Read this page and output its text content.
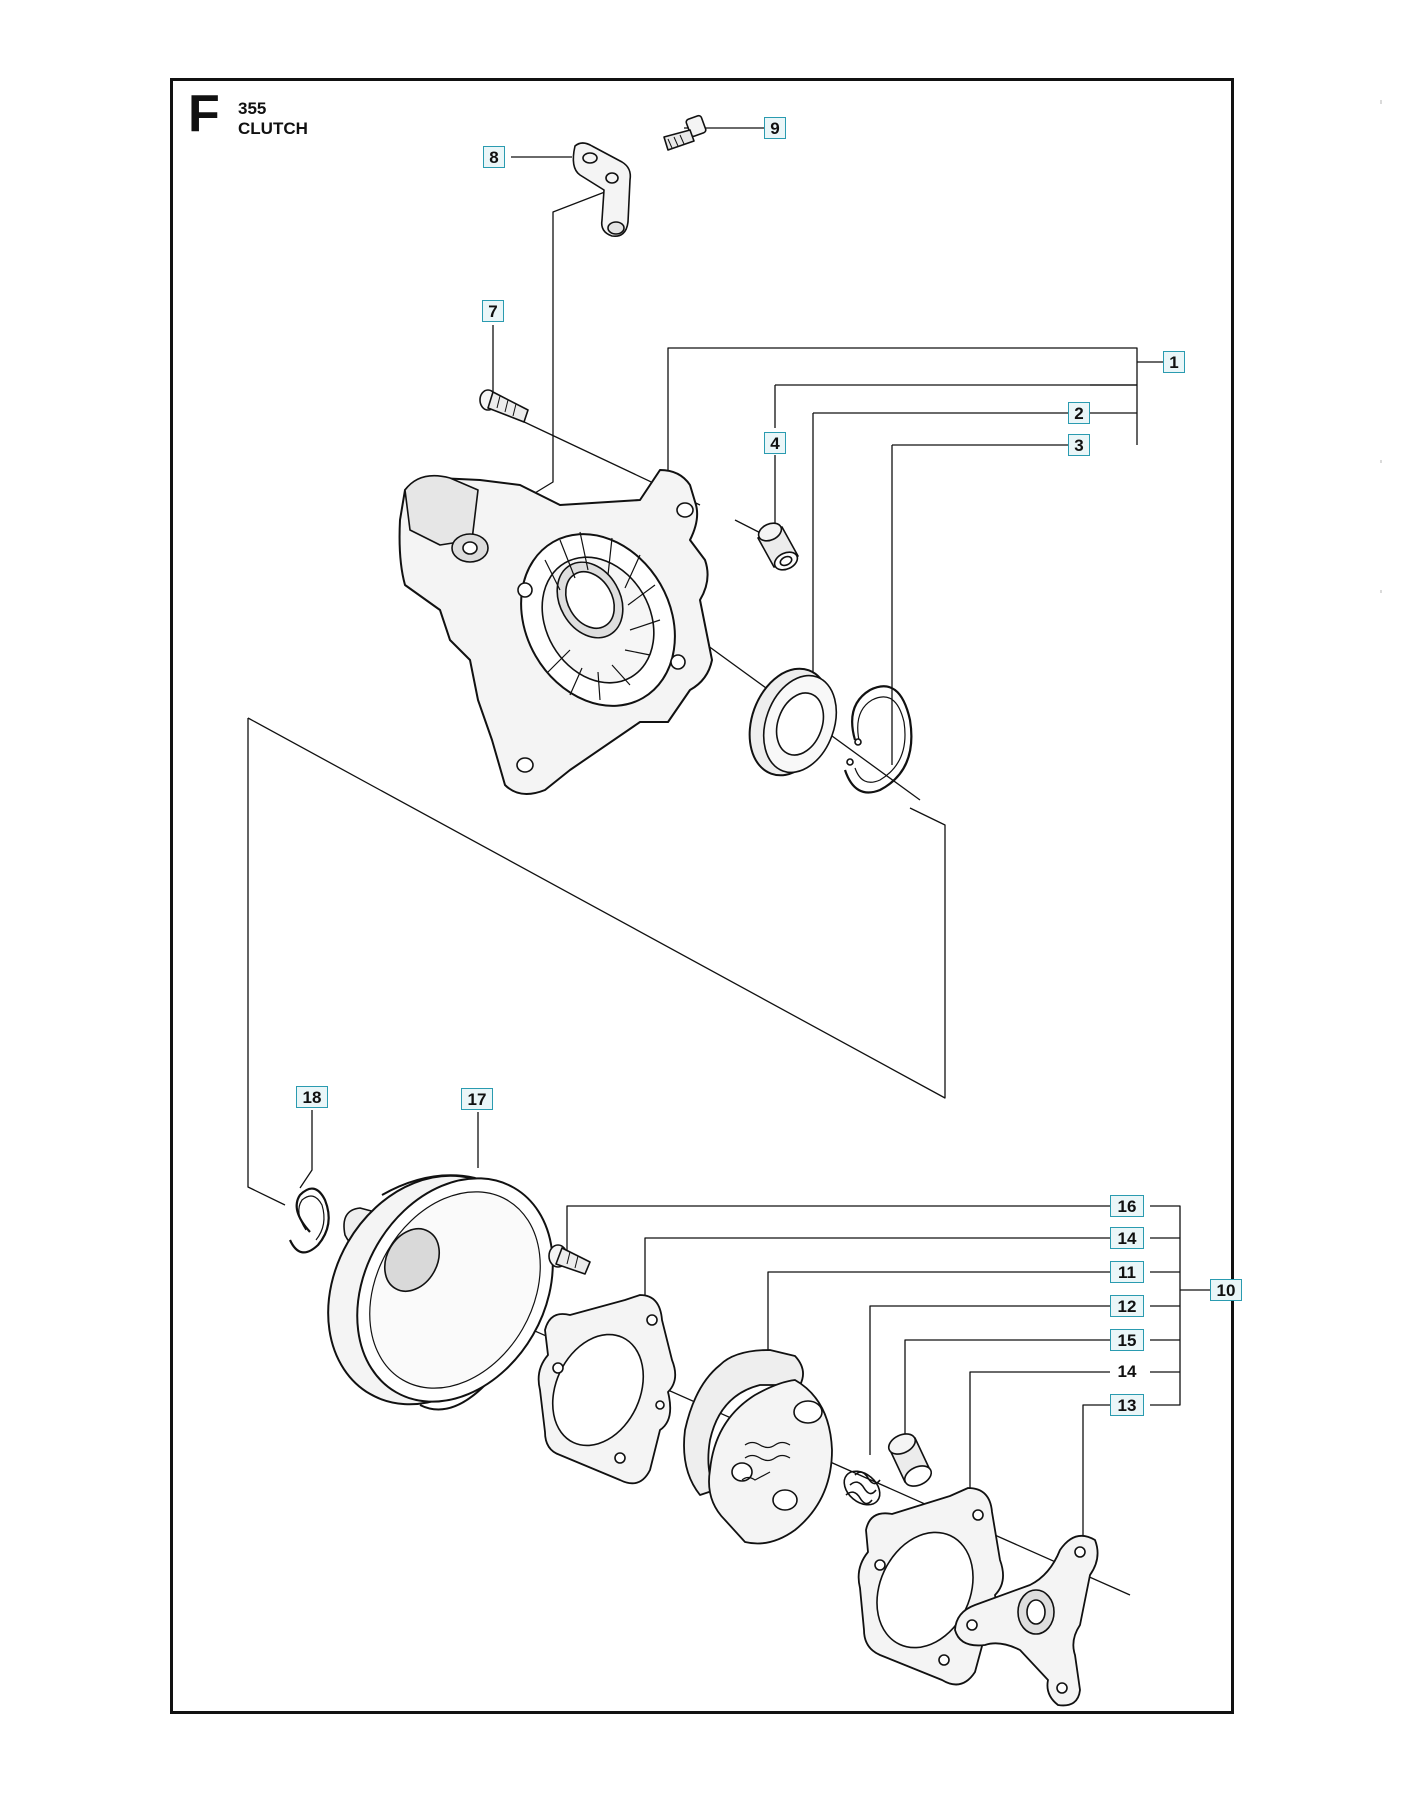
F 355
CLUTCH	9
8
7
1
2
4	3
18	17
16
14
11
10
12
15
14
13
